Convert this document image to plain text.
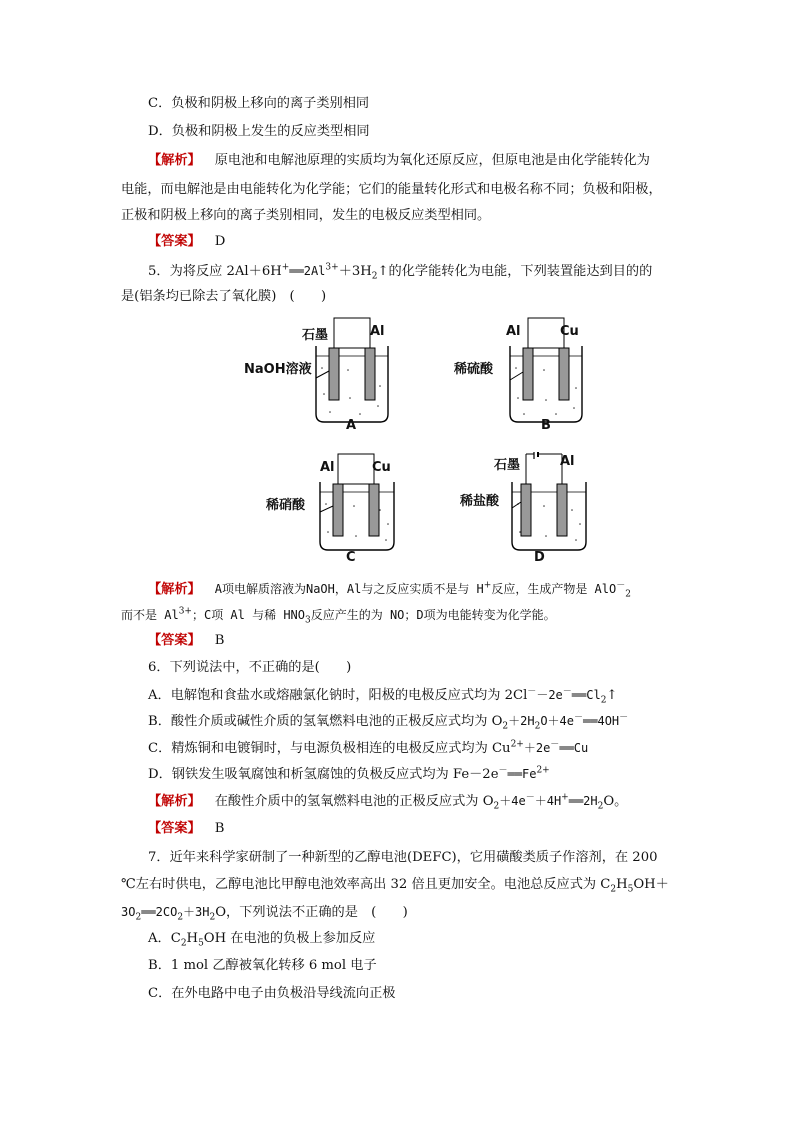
C．负极和阴极上移向的离子类别相同
D．负极和阴极上发生的反应类型相同
【解析】 原电池和电解池原理的实质均为氧化还原反应，但原电池是由化学能转化为
电能，而电解池是由电能转化为化学能；它们的能量转化形式和电极名称不同；负极和阳极，
正极和阴极上移向的离子类别相同，发生的电极反应类型相同。
【答案】 D
5．为将反应 $2Al+6H^+══2Al^{3+}+3H_2↑$的化学能转化为电能，下列装置能达到目的的
是(铝条均已除去了氧化膜)　(　　)
石墨	Al
NaOH溶液
A
Al	Cu
稀硫酸
B
Al	Cu
稀硝酸
C
石墨	Al
稀盐酸
D
【解析】 A项电解质溶液为NaOH，Al与之反应实质不是与 H+反应，生成产物是 AlO－$_2$
而不是 $Al^{3+}$；C项 Al 与稀 $HNO_3$反应产生的为 NO；D项为电能转变为化学能。
【答案】 B
6．下列说法中，不正确的是(　　)
A．电解饱和食盐水或熔融氯化钠时，阳极的电极反应式均为 $2Cl^--2e^-══Cl_2↑$
B．酸性介质或碱性介质的氢氧燃料电池的正极反应式均为 $O_2+2H_2O+4e^-══4OH^-$
C．精炼铜和电镀铜时，与电源负极相连的电极反应式均为 $Cu^{2+}+2e^-══Cu$
D．钢铁发生吸氧腐蚀和析氢腐蚀的负极反应式均为 $Fe-2e^-══Fe^{2+}$
【解析】 在酸性介质中的氢氧燃料电池的正极反应式为 $O_2+4e^-+4H^+══2H_2O$。
【答案】 B
7．近年来科学家研制了一种新型的乙醇电池(DEFC)，它用磺酸类质子作溶剂，在 200
℃左右时供电，乙醇电池比甲醇电池效率高出 32 倍且更加安全。电池总反应式为 $C_2H_5OH+$
$3O_2══2CO_2+3H_2O$，下列说法不正确的是　(　　)
A．$C_2H_5OH$ 在电池的负极上参加反应
B．1 mol 乙醇被氧化转移 6 mol 电子
C．在外电路中电子由负极沿导线流向正极
